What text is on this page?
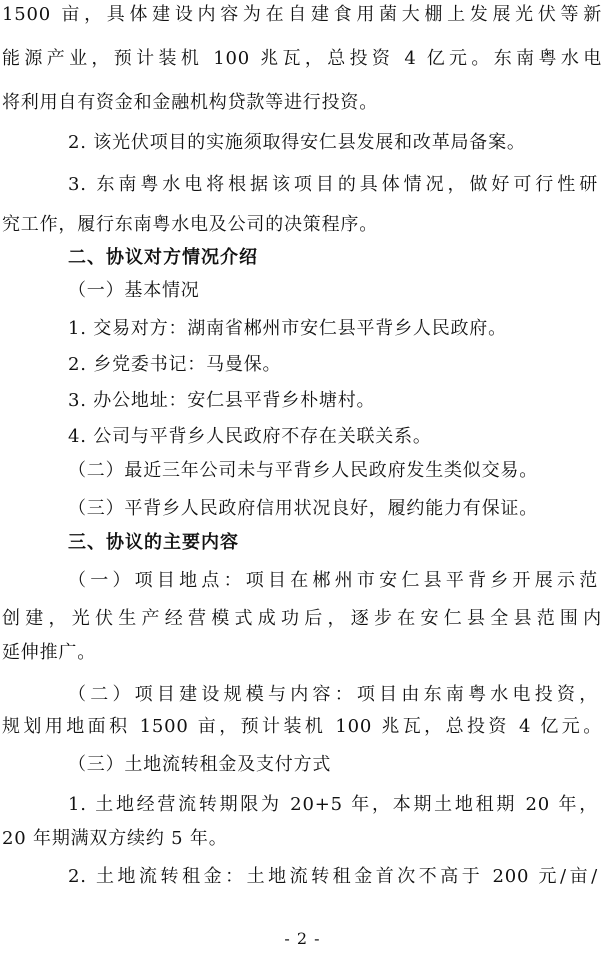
1500 亩，具体建设内容为在自建食用菌大棚上发展光伏等新
能源产业，预计装机 100 兆瓦，总投资 4 亿元。东南粤水电
将利用自有资金和金融机构贷款等进行投资。
2. 该光伏项目的实施须取得安仁县发展和改革局备案。
3. 东南粤水电将根据该项目的具体情况，做好可行性研
究工作，履行东南粤水电及公司的决策程序。
二、协议对方情况介绍
（一）基本情况
1. 交易对方：湖南省郴州市安仁县平背乡人民政府。
2. 乡党委书记：马曼保。
3. 办公地址：安仁县平背乡朴塘村。
4. 公司与平背乡人民政府不存在关联关系。
（二）最近三年公司未与平背乡人民政府发生类似交易。
（三）平背乡人民政府信用状况良好，履约能力有保证。
三、协议的主要内容
（一）项目地点：项目在郴州市安仁县平背乡开展示范
创建，光伏生产经营模式成功后，逐步在安仁县全县范围内
延伸推广。
（二）项目建设规模与内容：项目由东南粤水电投资，
规划用地面积 1500 亩，预计装机 100 兆瓦，总投资 4 亿元。
（三）土地流转租金及支付方式
1. 土地经营流转期限为 20+5 年，本期土地租期 20 年，
20 年期满双方续约 5 年。
2. 土地流转租金：土地流转租金首次不高于 200 元/亩/
- 2 -
